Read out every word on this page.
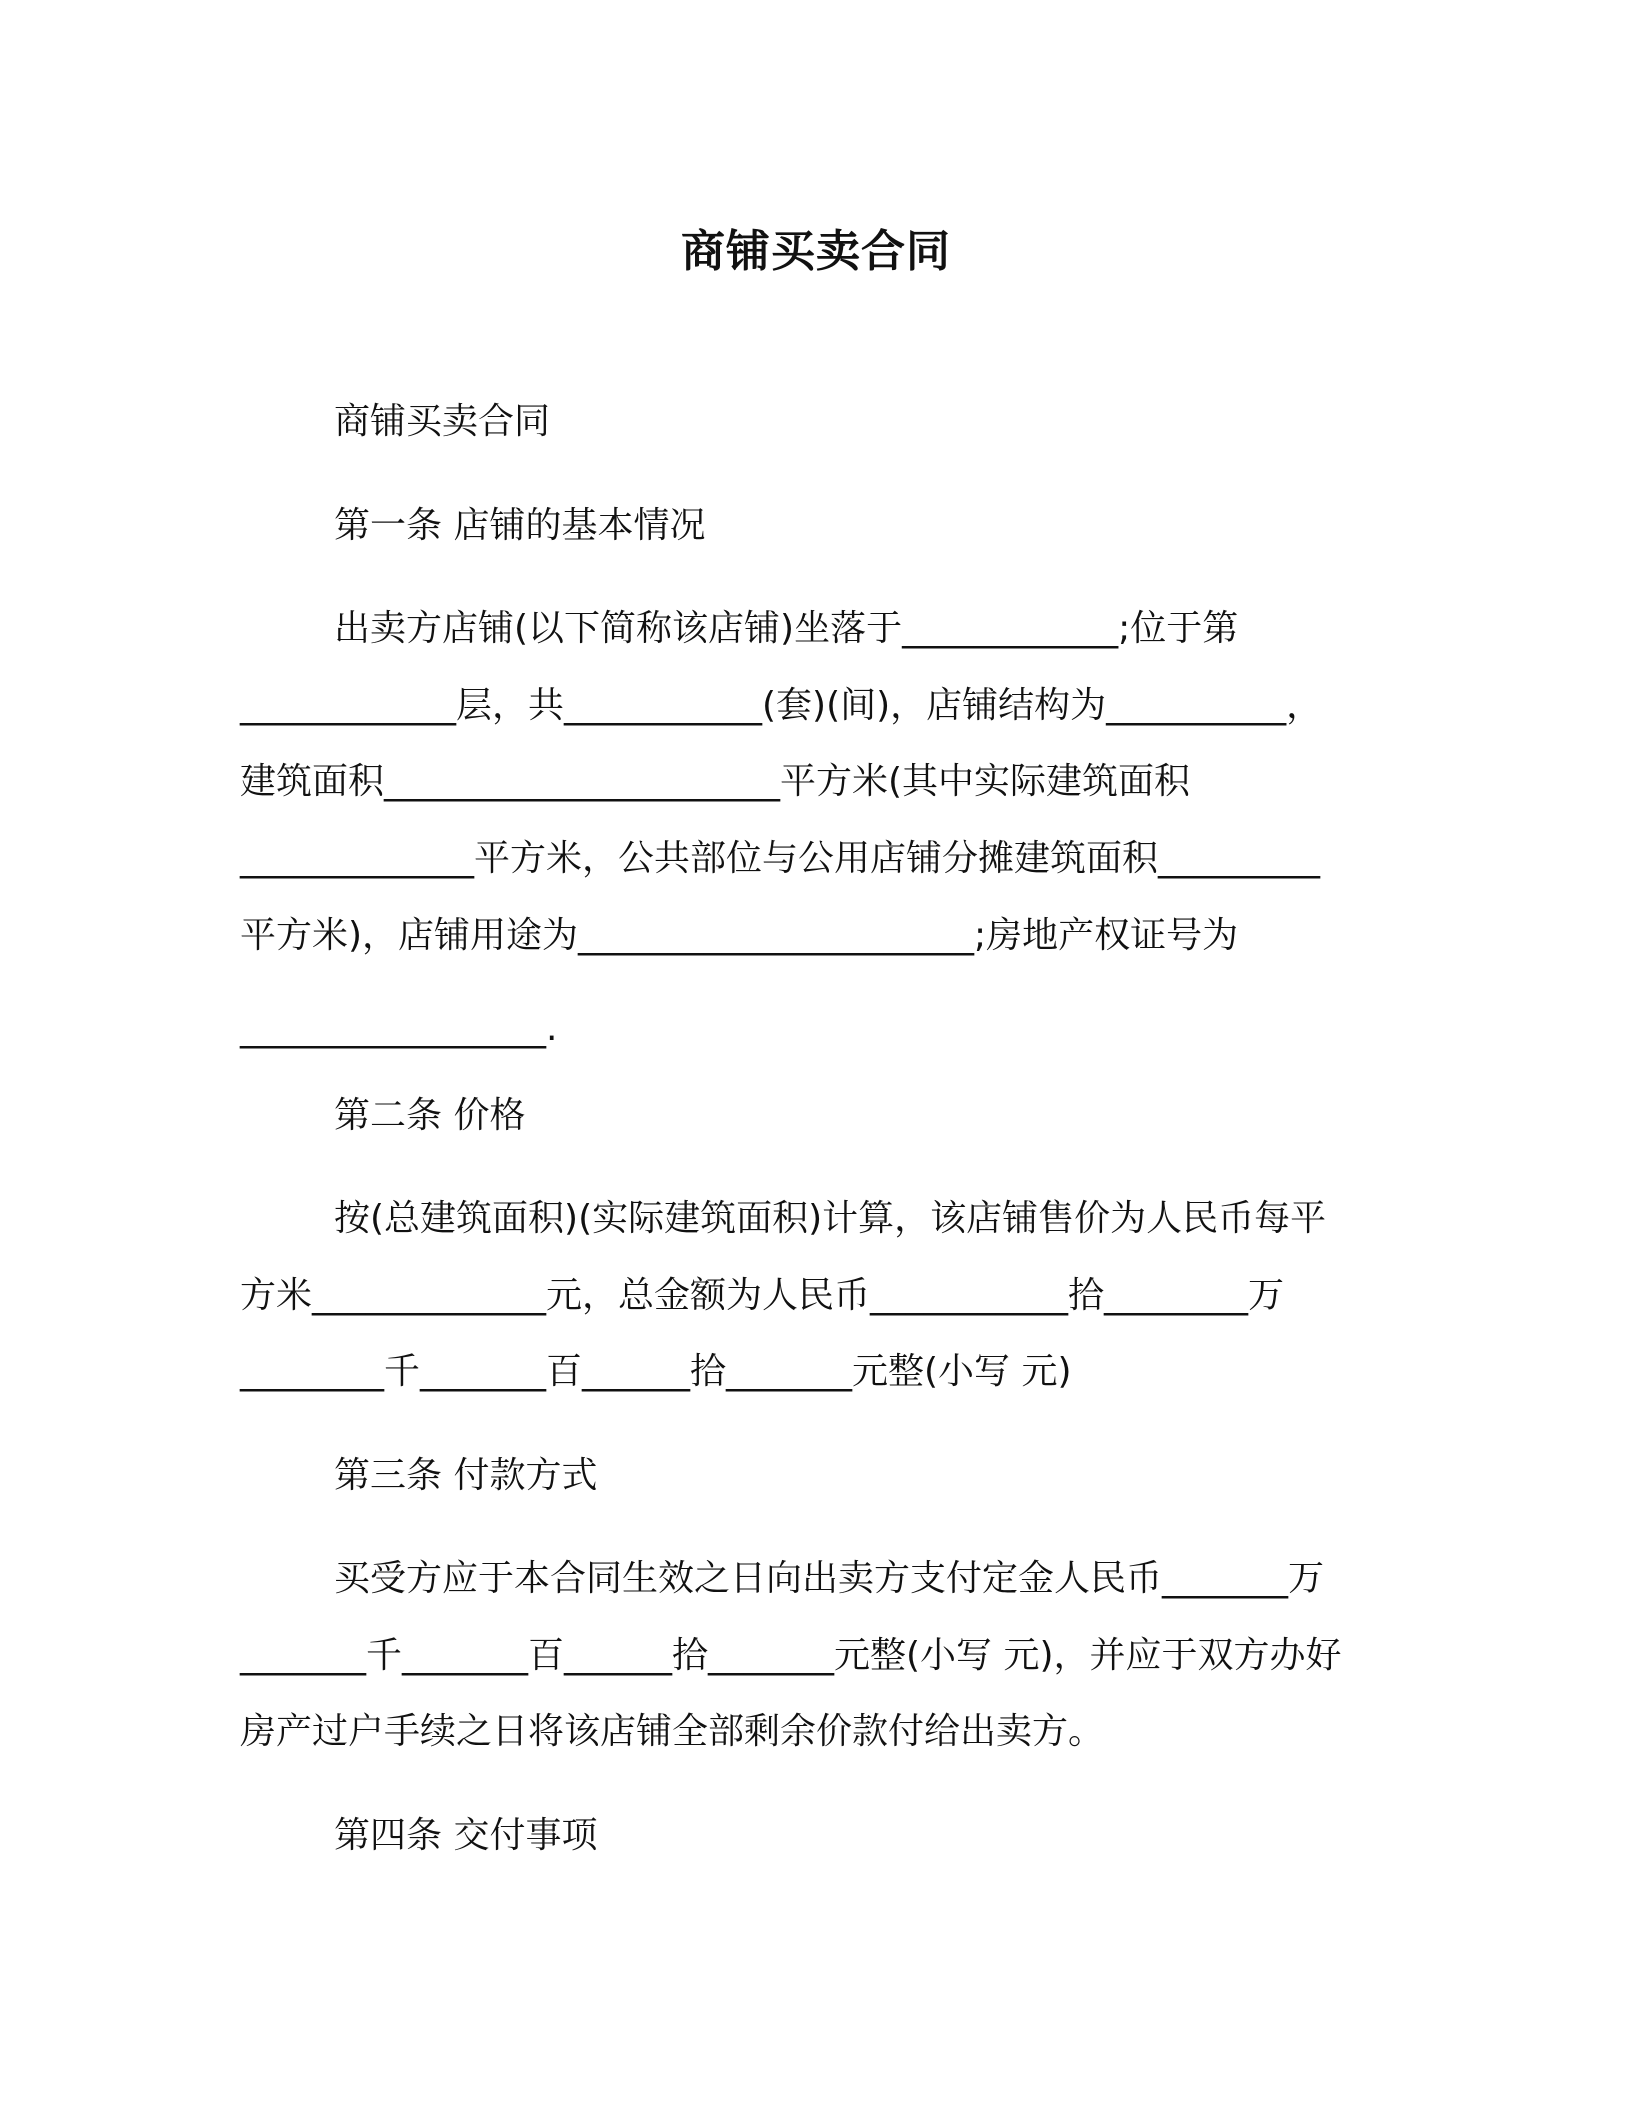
商铺买卖合同

商铺买卖合同

第一条 店铺的基本情况

出卖方店铺(以下简称该店铺)坐落于____________;位于第

____________层，共___________(套)(间)，店铺结构为__________，

建筑面积______________________平方米(其中实际建筑面积

_____________平方米，公共部位与公用店铺分摊建筑面积_________

平方米)，店铺用途为______________________;房地产权证号为

_________________.

第二条 价格

按(总建筑面积)(实际建筑面积)计算，该店铺售价为人民币每平

方米_____________元，总金额为人民币___________拾________万

________千_______百______拾_______元整(小写 元)

第三条 付款方式

买受方应于本合同生效之日向出卖方支付定金人民币_______万

_______千_______百______拾_______元整(小写 元)，并应于双方办好

房产过户手续之日将该店铺全部剩余价款付给出卖方。

第四条 交付事项
